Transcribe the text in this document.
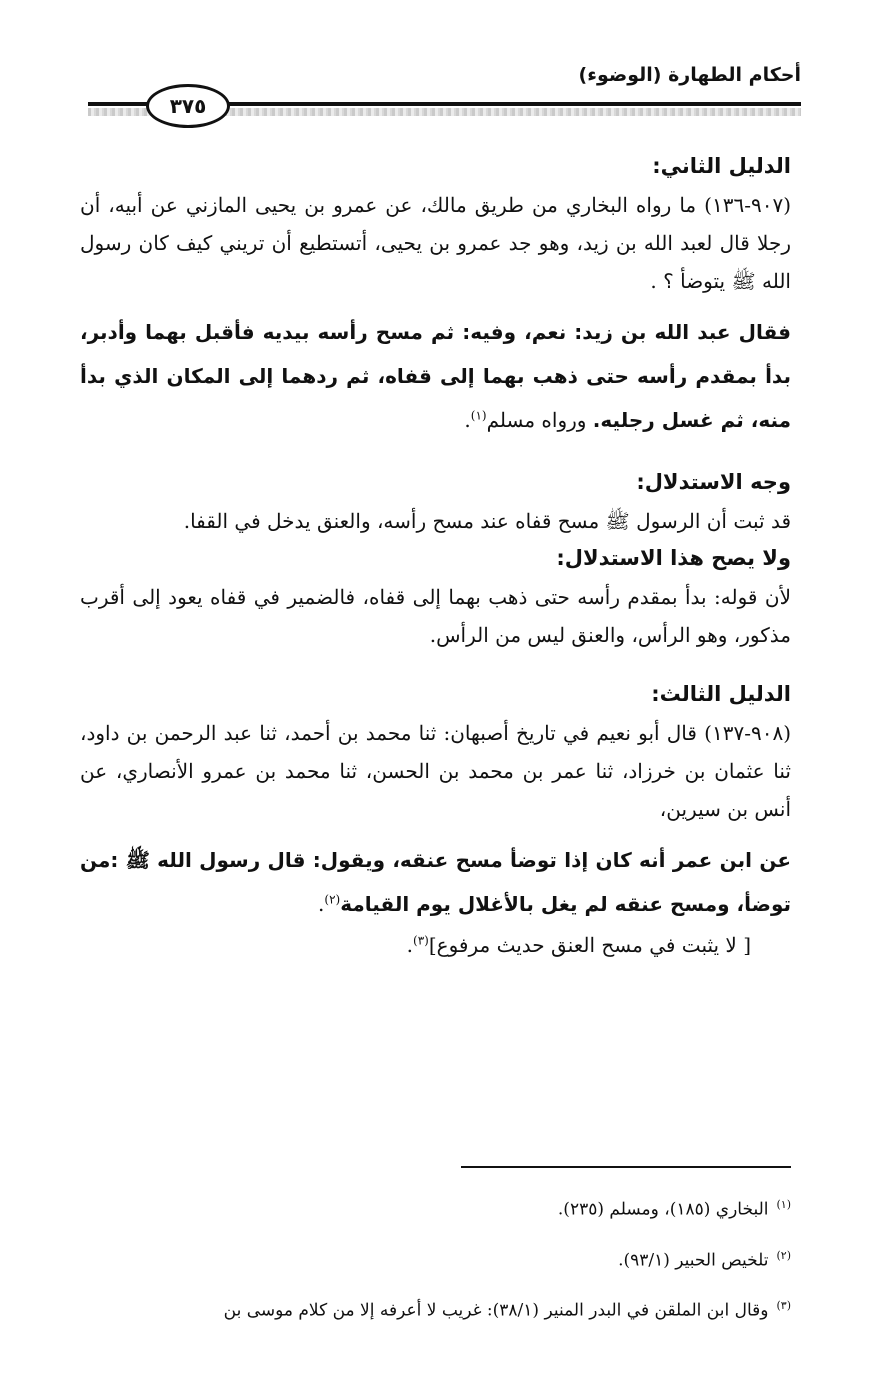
أحكام الطهارة (الوضوء)
٣٧٥

الدليل الثاني:

(٩٠٧-١٣٦) ما رواه البخاري من طريق مالك، عن عمرو بن يحيى المازني عن أبيه، أن رجلا قال لعبد الله بن زيد، وهو جد عمرو بن يحيى، أتستطيع أن تريني كيف كان رسول الله ﷺ يتوضأ ؟ .

فقال عبد الله بن زيد: نعم، وفيه: ثم مسح رأسه بيديه فأقبل بهما وأدبر، بدأ بمقدم رأسه حتى ذهب بهما إلى قفاه، ثم ردهما إلى المكان الذي بدأ منه، ثم غسل رجليه. ورواه مسلم$^{(١)}$.

وجه الاستدلال:

قد ثبت أن الرسول ﷺ مسح قفاه عند مسح رأسه، والعنق يدخل في القفا.

ولا يصح هذا الاستدلال:

لأن قوله: بدأ بمقدم رأسه حتى ذهب بهما إلى قفاه، فالضمير في قفاه يعود إلى أقرب مذكور، وهو الرأس، والعنق ليس من الرأس.

الدليل الثالث:

(٩٠٨-١٣٧) قال أبو نعيم في تاريخ أصبهان: ثنا محمد بن أحمد، ثنا عبد الرحمن بن داود، ثنا عثمان بن خرزاد، ثنا عمر بن محمد بن الحسن، ثنا محمد بن عمرو الأنصاري، عن أنس بن سيرين،

عن ابن عمر أنه كان إذا توضأ مسح عنقه، ويقول: قال رسول الله ﷺ :من توضأ، ومسح عنقه لم يغل بالأغلال يوم القيامة$^{(٢)}$.

[ لا يثبت في مسح العنق حديث مرفوع]$^{(٣)}$.

$^{(١)}$البخاري (١٨٥)، ومسلم (٢٣٥).

$^{(٢)}$تلخيص الحبير (٩٣/١).

$^{(٣)}$وقال ابن الملقن في البدر المنير (٣٨/١): غريب لا أعرفه إلا من كلام موسى بن
